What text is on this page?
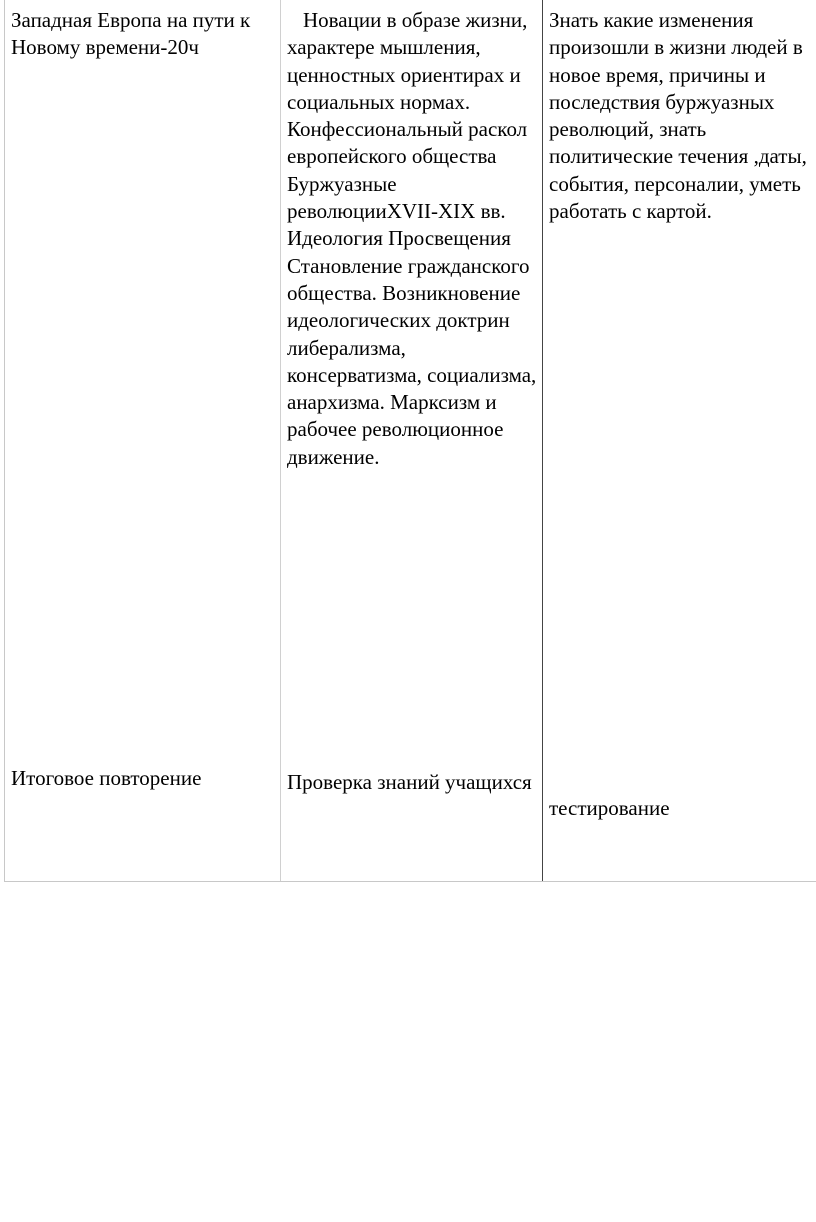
Западная Европа на пути к Новому времени-20ч	Новации в образе жизни, характере мышления, ценностных ориентирах и социальных нормах. Конфессиональный раскол европейского общества Буржуазные революцииXVII-XIX вв. Идеология Просвещения Становление гражданского общества. Возникновение идеологических доктрин либерализма, консерватизма, социализма, анархизма. Марксизм и рабочее революционное движение.	Знать какие изменения произошли в жизни людей в новое время, причины и последствия буржуазных революций, знать политические течения ,даты, события, персоналии, уметь работать с картой.

Итоговое повторение	Проверка знаний учащихся	тестирование
